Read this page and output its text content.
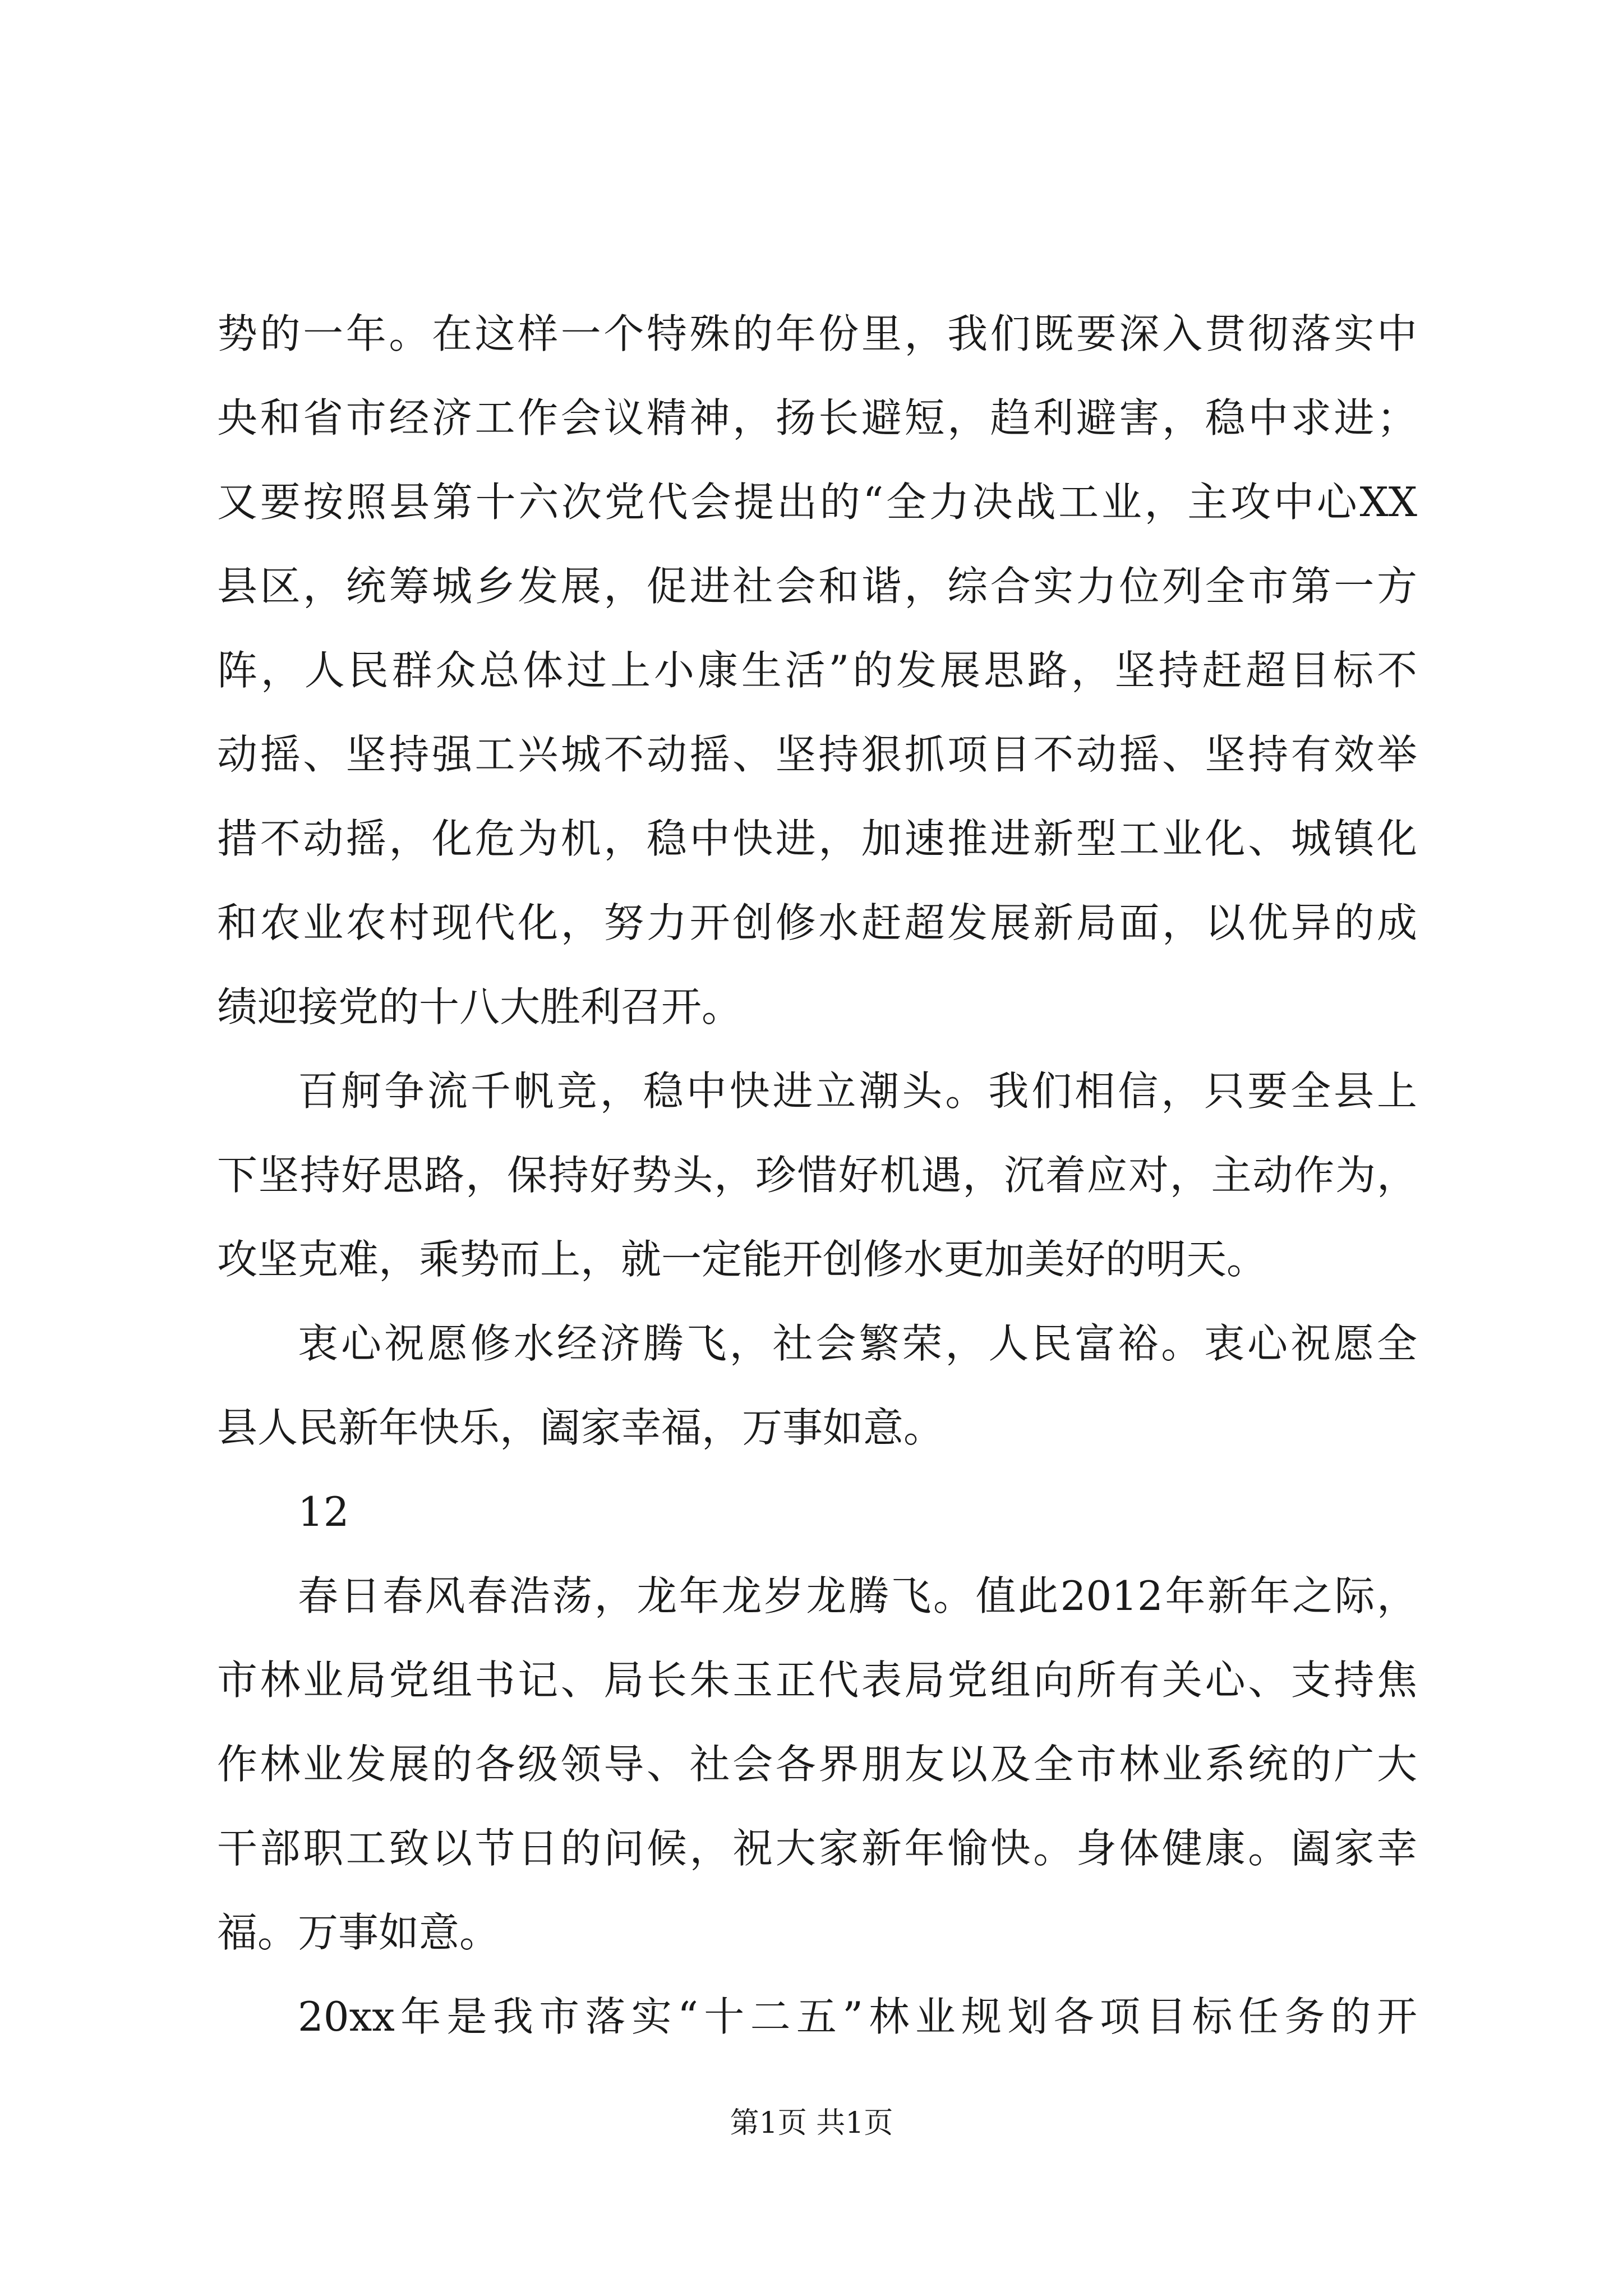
势的一年。在这样一个特殊的年份里，我们既要深入贯彻落实中
央和省市经济工作会议精神，扬长避短，趋利避害，稳中求进；
又要按照县第十六次党代会提出的“全力决战工业，主攻中心XX
县区，统筹城乡发展，促进社会和谐，综合实力位列全市第一方
阵，人民群众总体过上小康生活”的发展思路，坚持赶超目标不
动摇、坚持强工兴城不动摇、坚持狠抓项目不动摇、坚持有效举
措不动摇，化危为机，稳中快进，加速推进新型工业化、城镇化
和农业农村现代化，努力开创修水赶超发展新局面，以优异的成
绩迎接党的十八大胜利召开。
百舸争流千帆竞，稳中快进立潮头。我们相信，只要全县上
下坚持好思路，保持好势头，珍惜好机遇，沉着应对，主动作为，
攻坚克难，乘势而上，就一定能开创修水更加美好的明天。
衷心祝愿修水经济腾飞，社会繁荣，人民富裕。衷心祝愿全
县人民新年快乐，阖家幸福，万事如意。
12
春日春风春浩荡，龙年龙岁龙腾飞。值此2012年新年之际，
市林业局党组书记、局长朱玉正代表局党组向所有关心、支持焦
作林业发展的各级领导、社会各界朋友以及全市林业系统的广大
干部职工致以节日的问候，祝大家新年愉快。身体健康。阖家幸
福。万事如意。
20xx年是我市落实“十二五”林业规划各项目标任务的开
第1页 共1页
